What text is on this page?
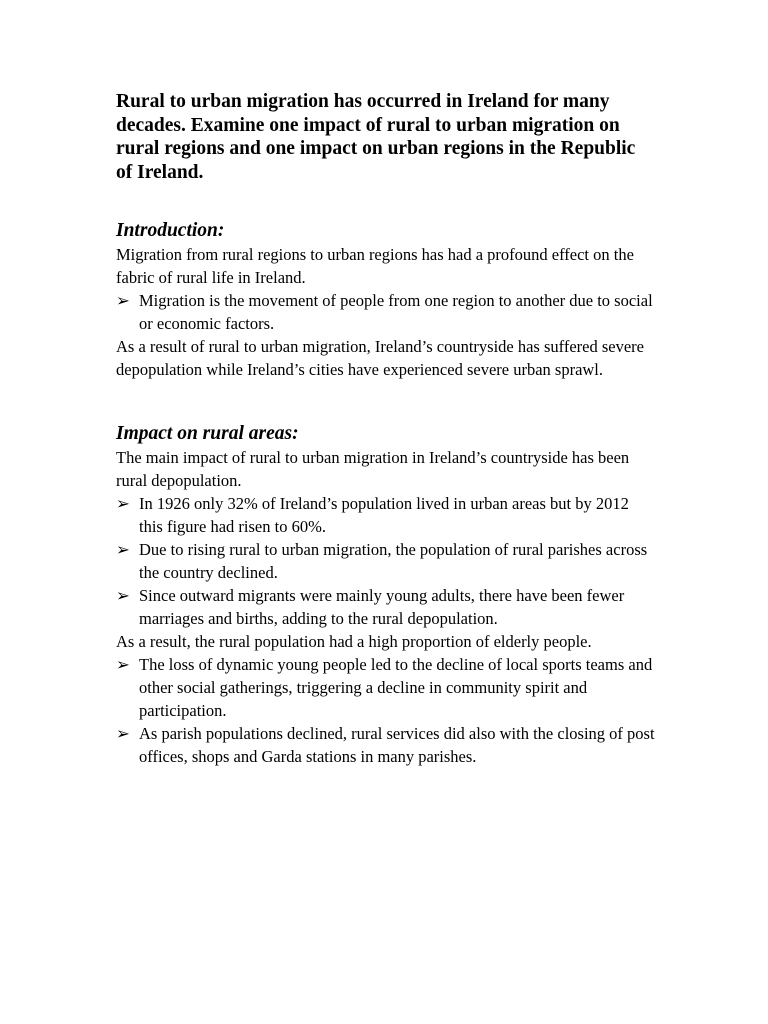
Rural to urban migration has occurred in Ireland for many decades. Examine one impact of rural to urban migration on rural regions and one impact on urban regions in the Republic of Ireland.
Introduction:

Migration from rural regions to urban regions has had a profound effect on the fabric of rural life in Ireland.

➢ Migration is the movement of people from one region to another due to social or economic factors.

As a result of rural to urban migration, Ireland’s countryside has suffered severe depopulation while Ireland’s cities have experienced severe urban sprawl.

Impact on rural areas:

The main impact of rural to urban migration in Ireland’s countryside has been rural depopulation.

➢ In 1926 only 32% of Ireland’s population lived in urban areas but by 2012 this figure had risen to 60%.
➢ Due to rising rural to urban migration, the population of rural parishes across the country declined.
➢ Since outward migrants were mainly young adults, there have been fewer marriages and births, adding to the rural depopulation.

As a result, the rural population had a high proportion of elderly people.

➢ The loss of dynamic young people led to the decline of local sports teams and other social gatherings, triggering a decline in community spirit and participation.
➢ As parish populations declined, rural services did also with the closing of post offices, shops and Garda stations in many parishes.
